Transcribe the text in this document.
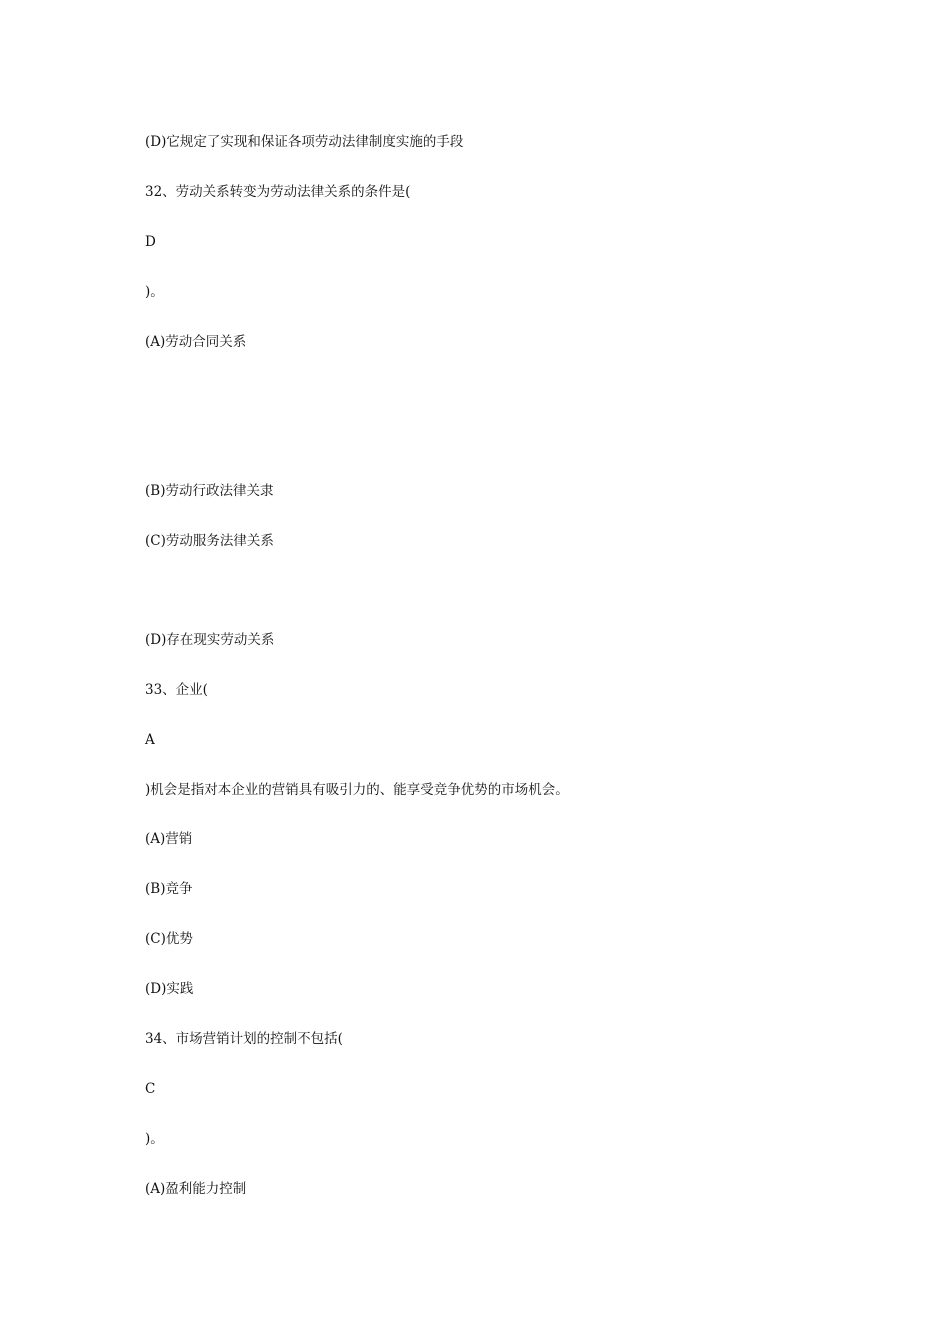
(D)它规定了实现和保证各项劳动法律制度实施的手段
32、劳动关系转变为劳动法律关系的条件是(
D
)。
(A)劳动合同关系
(B)劳动行政法律关隶
(C)劳动服务法律关系
(D)存在现实劳动关系
33、企业(
A
)机会是指对本企业的营销具有吸引力的、能享受竞争优势的市场机会。
(A)营销
(B)竞争
(C)优势
(D)实践
34、市场营销计划的控制不包括(
C
)。
(A)盈利能力控制
